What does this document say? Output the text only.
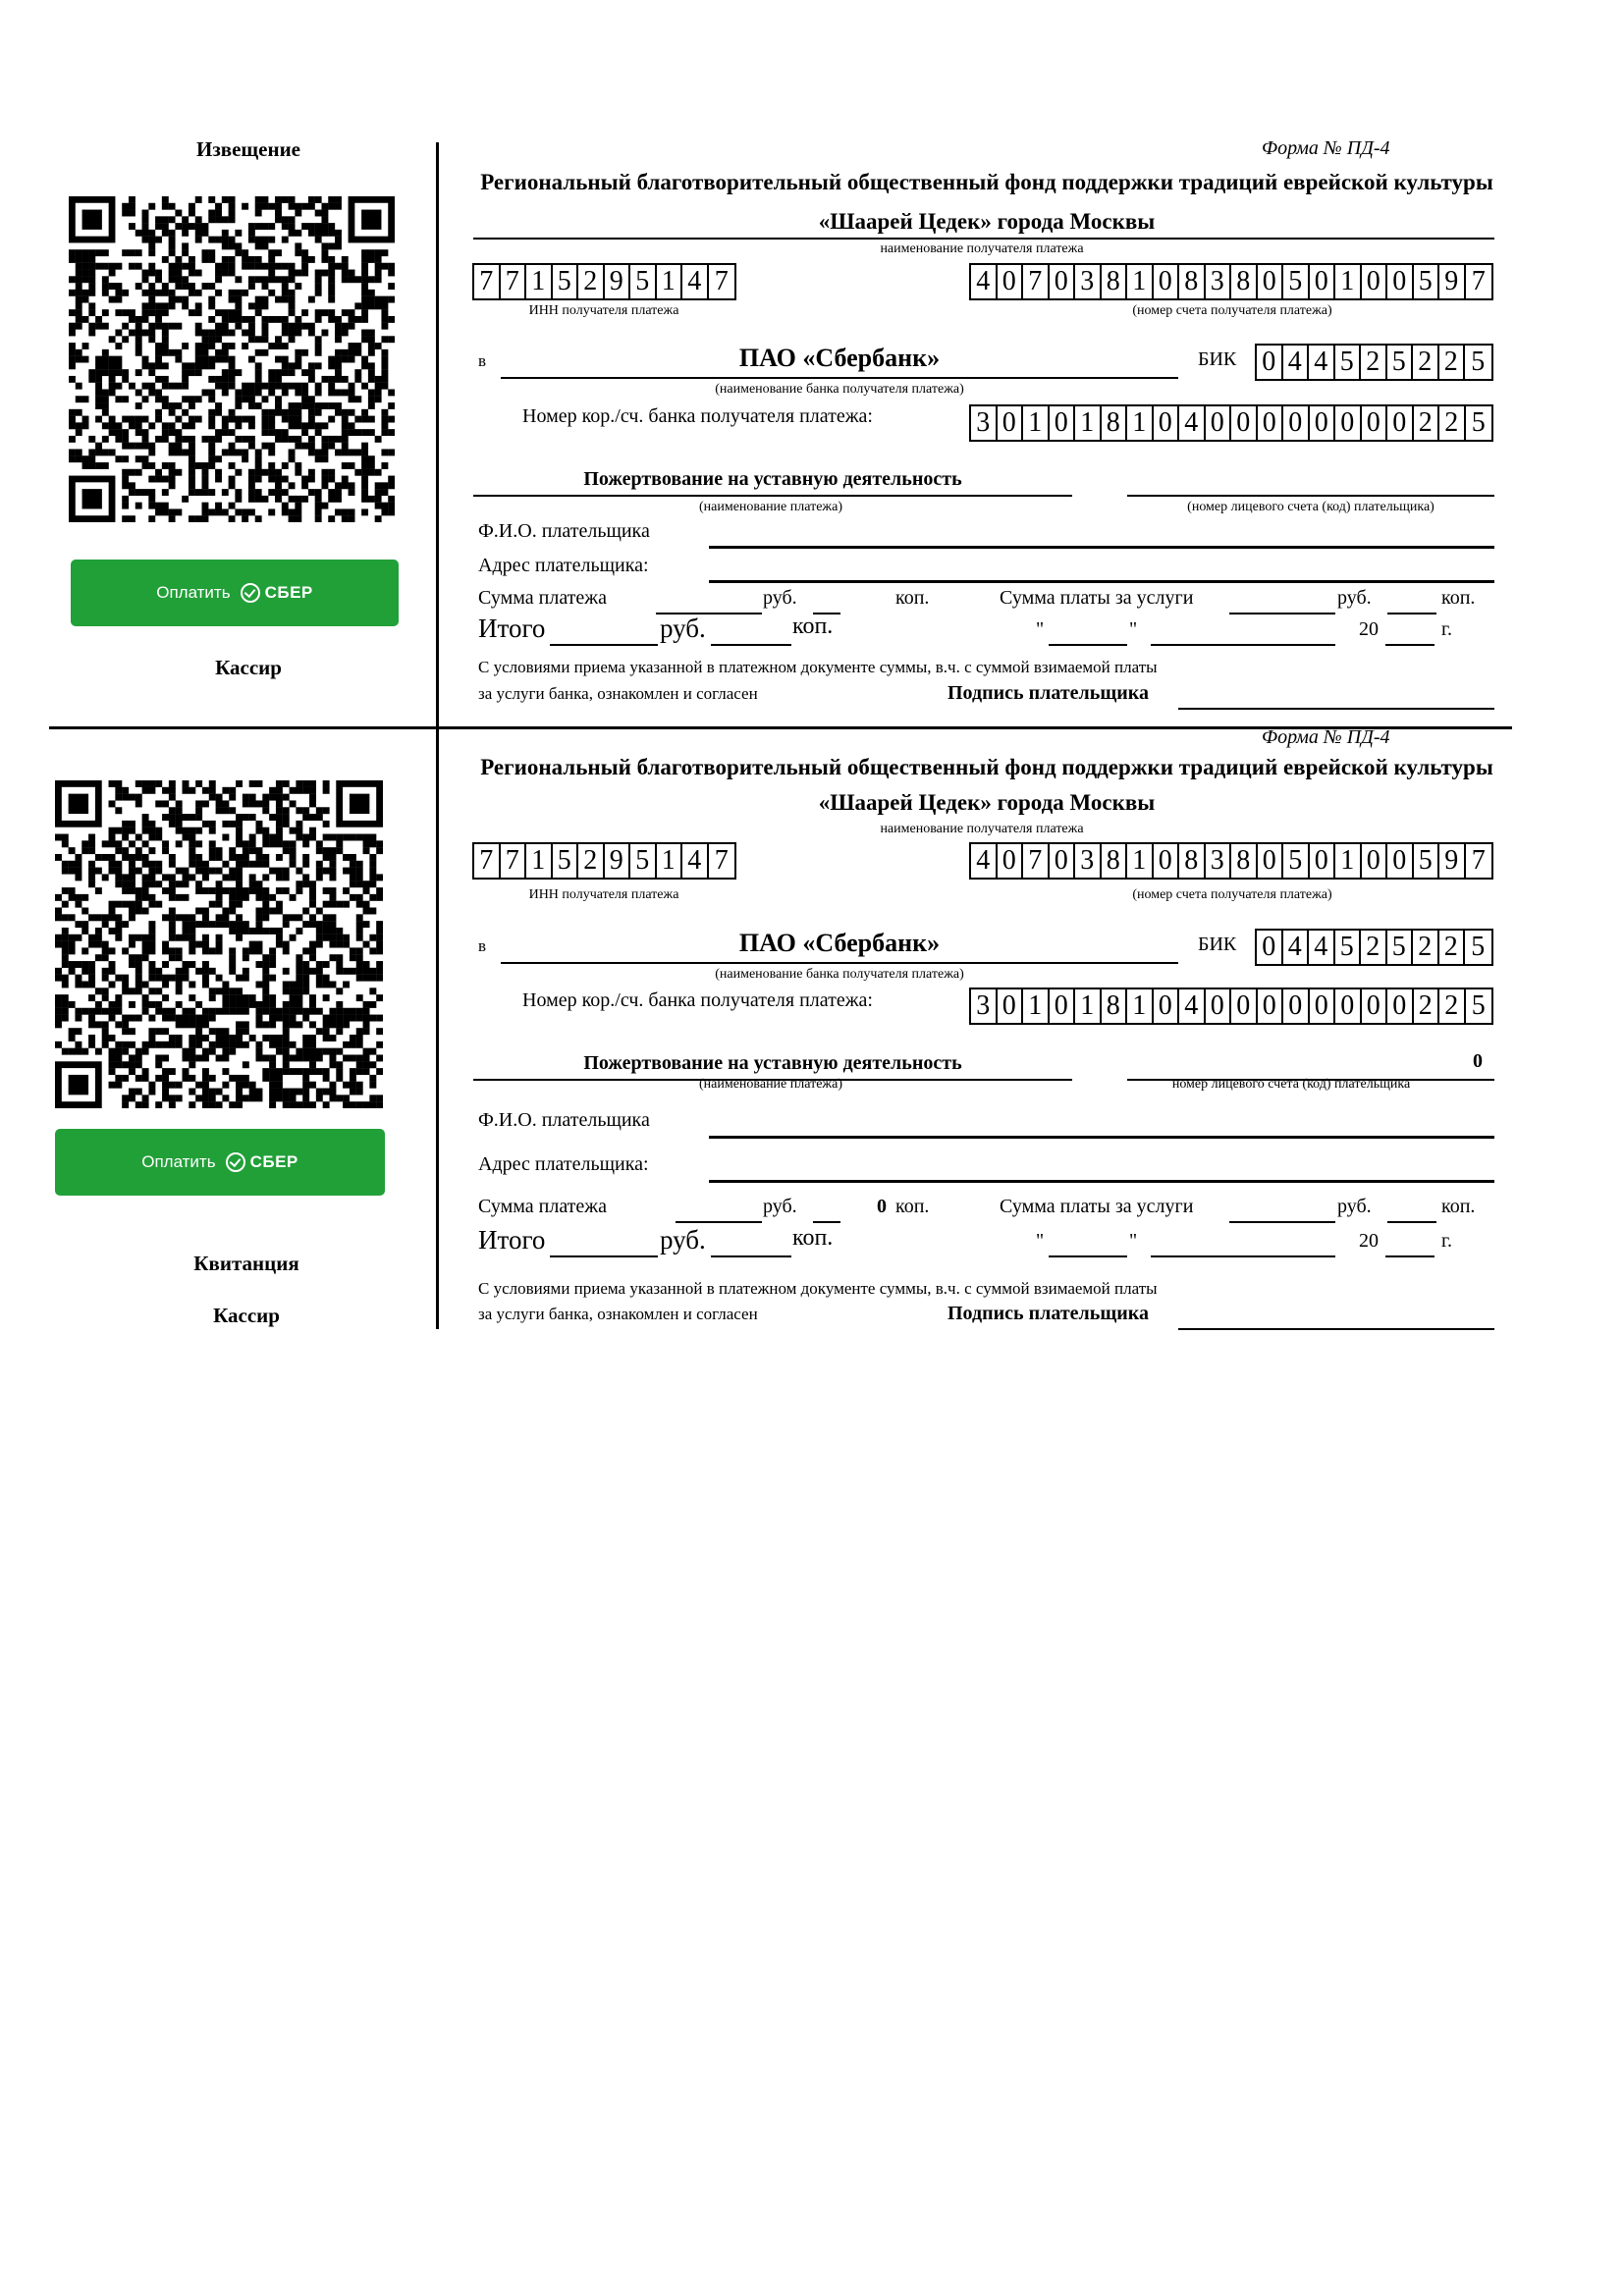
Извещение
Оплатить СБЕР
Кассир
Оплатить СБЕР
Квитанция
Кассир
Форма № ПД-4
Региональный благотворительный общественный фонд поддержки традиций еврейской культуры «Шаарей Цедек» города Москвы
наименование получателя платежа
7 7 1 5 2 9 5 1 4 7
ИНН получателя платежа
4 0 7 0 3 8 1 0 8 3 8 0 5 0 1 0 0 5 9 7
(номер счета получателя платежа)
в	ПАО «Сбербанк»
(наименование банка получателя платежа)
БИК 0 4 4 5 2 5 2 2 5
Номер кор./сч. банка получателя платежа:	3 0 1 0 1 8 1 0 4 0 0 0 0 0 0 0 0 2 2 5
Пожертвование на уставную деятельность
(наименование платежа)	(номер лицевого счета (код) плательщика)
Ф.И.О. плательщика
Адрес плательщика:
Сумма платежа	руб.	коп.	Сумма платы за услуги	руб.	коп.
Итого	руб.	коп.	"	"	20	г.
С условиями приема указанной в платежном документе суммы, в.ч. с суммой взимаемой платы
за услуги банка, ознакомлен и согласен	Подпись плательщика
Форма № ПД-4
Региональный благотворительный общественный фонд поддержки традиций еврейской культуры «Шаарей Цедек» города Москвы
наименование получателя платежа
7 7 1 5 2 9 5 1 4 7
ИНН получателя платежа
4 0 7 0 3 8 1 0 8 3 8 0 5 0 1 0 0 5 9 7
(номер счета получателя платежа)
в	ПАО «Сбербанк»
(наименование банка получателя платежа)
БИК 0 4 4 5 2 5 2 2 5
Номер кор./сч. банка получателя платежа:	3 0 1 0 1 8 1 0 4 0 0 0 0 0 0 0 0 2 2 5
Пожертвование на уставную деятельность	0
(наименование платежа)	номер лицевого счета (код) плательщика
Ф.И.О. плательщика
Адрес плательщика:
Сумма платежа	руб.	0 коп.	Сумма платы за услуги	руб.	коп.
Итого	руб.	коп.	"	"	20	г.
С условиями приема указанной в платежном документе суммы, в.ч. с суммой взимаемой платы
за услуги банка, ознакомлен и согласен	Подпись плательщика
